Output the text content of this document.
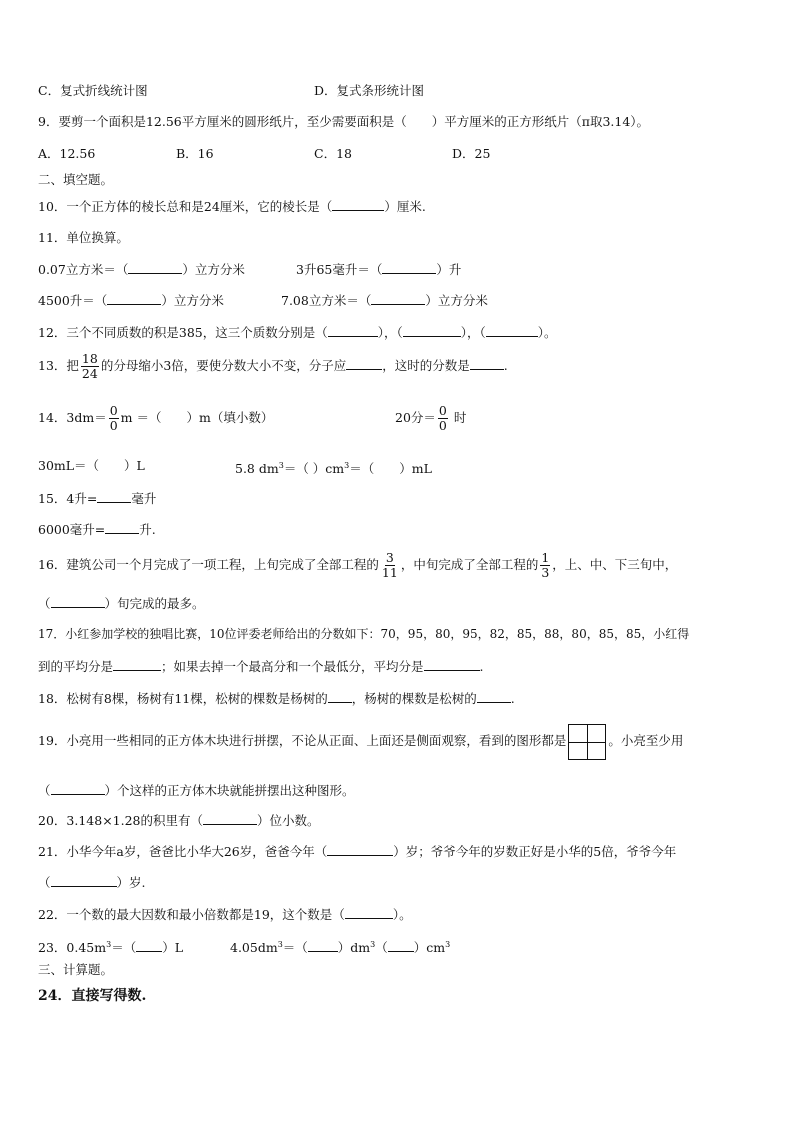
C．复式折线统计图	D．复式条形统计图
9．要剪一个面积是12.56平方厘米的圆形纸片，至少需要面积是（　　）平方厘米的正方形纸片（π取3.14）。
A．12.56	B．16	C．18	D．25
二、填空题。
10．一个正方体的棱长总和是24厘米，它的棱长是（	）厘米.
11．单位换算。
0.07立方米＝（	）立方分米	3升65毫升＝（	）升
4500升＝（	）立方分米	7.08立方米＝（	）立方分米
12．三个不同质数的积是385，这三个质数分别是（	），（	），（	）。
13．把 $\frac{18}{24}$ 的分母缩小3倍，要使分数大小不变，分子应	，这时的分数是	.
14．$3dm= \frac{0}{0}$ m ＝（　　）m（填小数）	20分＝ $\frac{0}{0}$ 时
30mL＝（　　）L	5.8 $dm^3=$（ ）$cm^3=$（　　）mL
15．4升=	毫升
6000毫升=	升.
16．建筑公司一个月完成了一项工程，上旬完成了全部工程的 $\frac{3}{11}$ ，中旬完成了全部工程的 $\frac{1}{3}$ ，上、中、下三旬中，
（	）旬完成的最多。
17．小红参加学校的独唱比赛，10位评委老师给出的分数如下：70，95，80，95，82，85，88，80，85，85，小红得
到的平均分是	；如果去掉一个最高分和一个最低分，平均分是	.
18．松树有8棵，杨树有11棵，松树的棵数是杨树的 ，杨树的棵数是松树的	.
19．小亮用一些相同的正方体木块进行拼摆，不论从正面、上面还是侧面观察，看到的图形都是	。小亮至少用
（	）个这样的正方体木块就能拼摆出这种图形。
20．3.148×1.28的积里有（	）位小数。
21．小华今年a岁，爸爸比小华大26岁，爸爸今年（	）岁；爷爷今年的岁数正好是小华的5倍，爷爷今年
（	）岁.
22．一个数的最大因数和最小倍数都是19，这个数是（	）。
23．$0.45m^3=$（ ）L	$4.05dm^3=$（ ）$dm^3$（ ）$cm^3$
三、计算题。
24．直接写得数.
